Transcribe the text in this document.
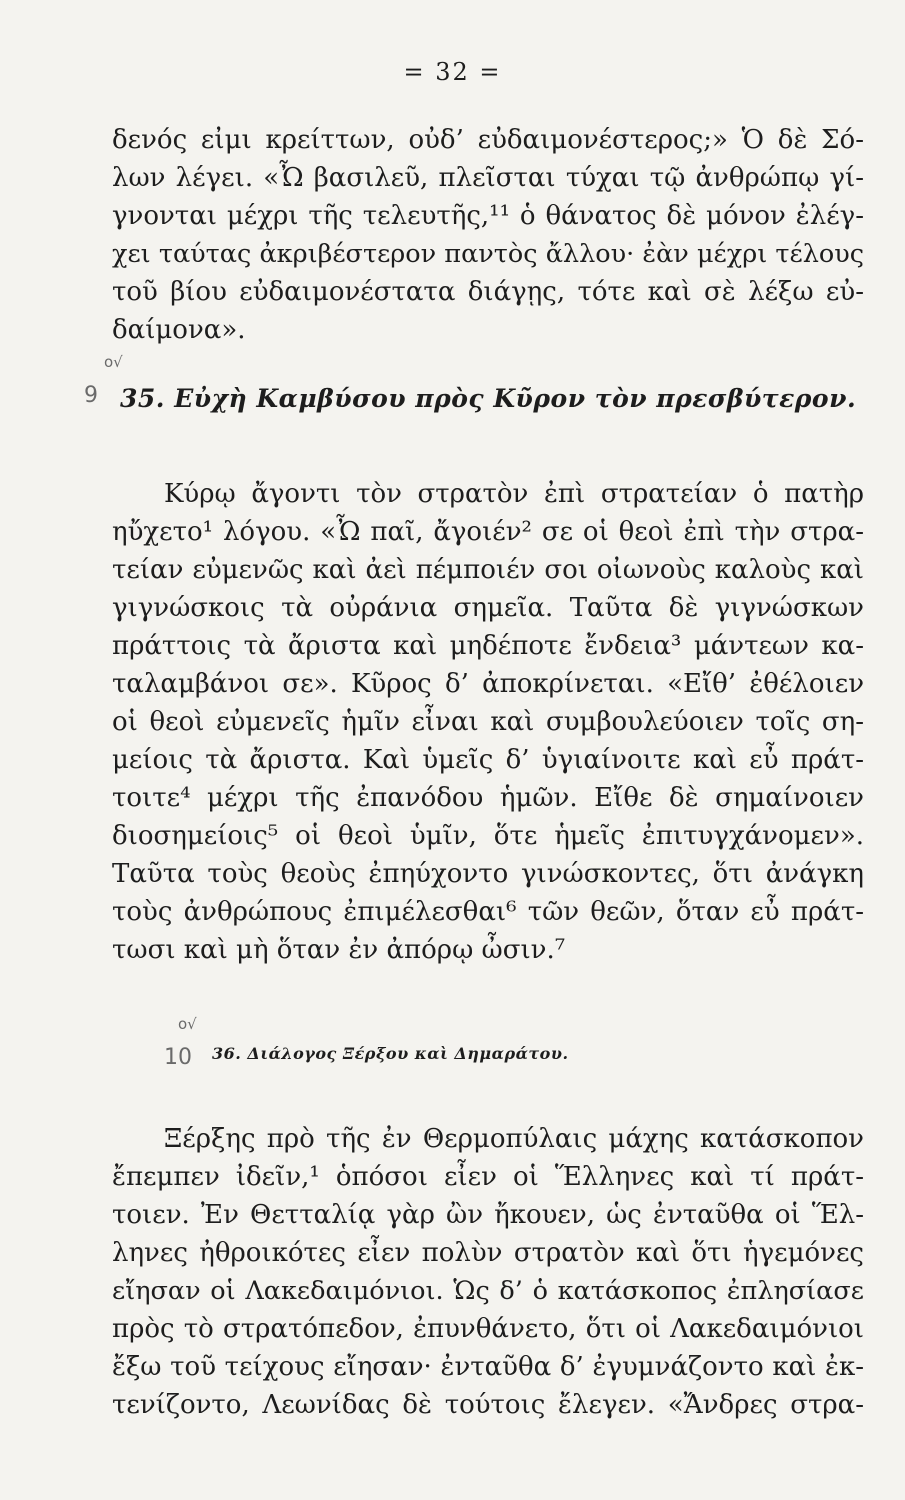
= 32 =
δενός εἰμι κρείττων, οὐδ’ εὐδαιμονέστερος;» Ὁ δὲ Σό-
λων λέγει. «Ὦ βασιλεῦ, πλεῖσται τύχαι τῷ ἀνθρώπῳ γί-
γνονται μέχρι τῆς τελευτῆς,¹¹ ὁ θάνατος δὲ μόνον ἐλέγ-
χει ταύτας ἀκριβέστερον παντὸς ἄλλου· ἐὰν μέχρι τέλους
τοῦ βίου εὐδαιμονέστατα διάγῃς, τότε καὶ σὲ λέξω εὐ-
δαίμονα».
9
ο√
35. Εὐχὴ Καμβύσου πρὸς Κῦρον τὸν πρεσβύτερον.
Κύρῳ ἄγοντι τὸν στρατὸν ἐπὶ στρατείαν ὁ πατὴρ
ηὔχετο¹ λόγου. «Ὦ παῖ, ἄγοιέν² σε οἱ θεοὶ ἐπὶ τὴν στρα-
τείαν εὐμενῶς καὶ ἀεὶ πέμποιέν σοι οἰωνοὺς καλοὺς καὶ
γιγνώσκοις τὰ οὐράνια σημεῖα. Ταῦτα δὲ γιγνώσκων
πράττοις τὰ ἄριστα καὶ μηδέποτε ἔνδεια³ μάντεων κα-
ταλαμβάνοι σε». Κῦρος δ’ ἀποκρίνεται. «Εἴθ’ ἐθέλοιεν
οἱ θεοὶ εὐμενεῖς ἡμῖν εἶναι καὶ συμβουλεύοιεν τοῖς ση-
μείοις τὰ ἄριστα. Καὶ ὑμεῖς δ’ ὑγιαίνοιτε καὶ εὖ πράτ-
τοιτε⁴ μέχρι τῆς ἐπανόδου ἡμῶν. Εἴθε δὲ σημαίνοιεν
διοσημείοις⁵ οἱ θεοὶ ὑμῖν, ὅτε ἡμεῖς ἐπιτυγχάνομεν».
Ταῦτα τοὺς θεοὺς ἐπηύχοντο γινώσκοντες, ὅτι ἀνάγκη
τοὺς ἀνθρώπους ἐπιμέλεσθαι⁶ τῶν θεῶν, ὅταν εὖ πράτ-
τωσι καὶ μὴ ὅταν ἐν ἀπόρῳ ὦσιν.⁷
ο√
10 36. Διάλογος Ξέρξου καὶ Δημαράτου.
Ξέρξης πρὸ τῆς ἐν Θερμοπύλαις μάχης κατάσκοπον
ἔπεμπεν ἰδεῖν,¹ ὁπόσοι εἶεν οἱ Ἕλληνες καὶ τί πράτ-
τοιεν. Ἐν Θετταλίᾳ γὰρ ὢν ἤκουεν, ὡς ἐνταῦθα οἱ Ἕλ-
ληνες ἠθροικότες εἶεν πολὺν στρατὸν καὶ ὅτι ἡγεμόνες
εἴησαν οἱ Λακεδαιμόνιοι. Ὡς δ’ ὁ κατάσκοπος ἐπλησίασε
πρὸς τὸ στρατόπεδον, ἐπυνθάνετο, ὅτι οἱ Λακεδαιμόνιοι
ἔξω τοῦ τείχους εἴησαν· ἐνταῦθα δ’ ἐγυμνάζοντο καὶ ἐκ-
τενίζοντο, Λεωνίδας δὲ τούτοις ἔλεγεν. «Ἄνδρες στρα-
